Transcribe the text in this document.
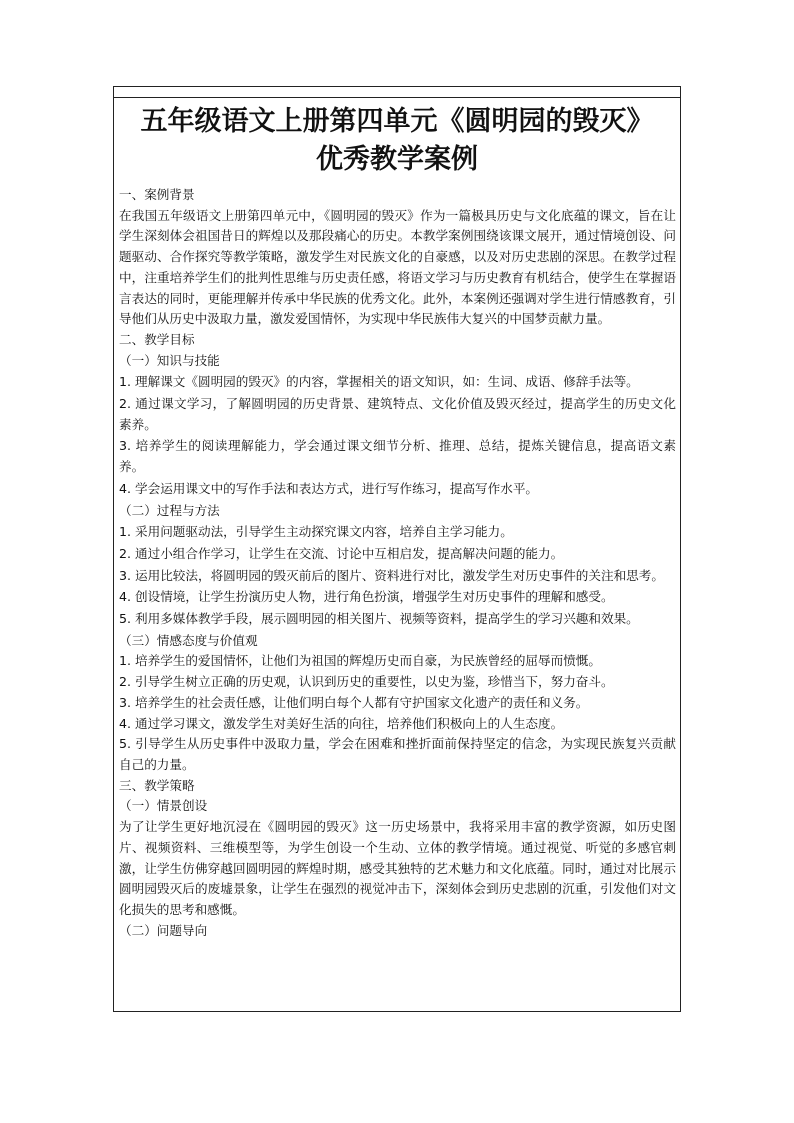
五年级语文上册第四单元《圆明园的毁灭》
优秀教学案例

一、案例背景

在我国五年级语文上册第四单元中，《圆明园的毁灭》作为一篇极具历史与文化底蕴的课文，旨在让学生深刻体会祖国昔日的辉煌以及那段痛心的历史。本教学案例围绕该课文展开，通过情境创设、问题驱动、合作探究等教学策略，激发学生对民族文化的自豪感，以及对历史悲剧的深思。在教学过程中，注重培养学生们的批判性思维与历史责任感，将语文学习与历史教育有机结合，使学生在掌握语言表达的同时，更能理解并传承中华民族的优秀文化。此外，本案例还强调对学生进行情感教育，引导他们从历史中汲取力量，激发爱国情怀，为实现中华民族伟大复兴的中国梦贡献力量。

二、教学目标

（一）知识与技能

1. 理解课文《圆明园的毁灭》的内容，掌握相关的语文知识，如：生词、成语、修辞手法等。

2. 通过课文学习，了解圆明园的历史背景、建筑特点、文化价值及毁灭经过，提高学生的历史文化素养。

3. 培养学生的阅读理解能力，学会通过课文细节分析、推理、总结，提炼关键信息，提高语文素养。

4. 学会运用课文中的写作手法和表达方式，进行写作练习，提高写作水平。

（二）过程与方法

1. 采用问题驱动法，引导学生主动探究课文内容，培养自主学习能力。

2. 通过小组合作学习，让学生在交流、讨论中互相启发，提高解决问题的能力。

3. 运用比较法，将圆明园的毁灭前后的图片、资料进行对比，激发学生对历史事件的关注和思考。

4. 创设情境，让学生扮演历史人物，进行角色扮演，增强学生对历史事件的理解和感受。

5. 利用多媒体教学手段，展示圆明园的相关图片、视频等资料，提高学生的学习兴趣和效果。

（三）情感态度与价值观

1. 培养学生的爱国情怀，让他们为祖国的辉煌历史而自豪，为民族曾经的屈辱而愤慨。

2. 引导学生树立正确的历史观，认识到历史的重要性，以史为鉴，珍惜当下，努力奋斗。

3. 培养学生的社会责任感，让他们明白每个人都有守护国家文化遗产的责任和义务。

4. 通过学习课文，激发学生对美好生活的向往，培养他们积极向上的人生态度。

5. 引导学生从历史事件中汲取力量，学会在困难和挫折面前保持坚定的信念，为实现民族复兴贡献自己的力量。

三、教学策略

（一）情景创设

为了让学生更好地沉浸在《圆明园的毁灭》这一历史场景中，我将采用丰富的教学资源，如历史图片、视频资料、三维模型等，为学生创设一个生动、立体的教学情境。通过视觉、听觉的多感官刺激，让学生仿佛穿越回圆明园的辉煌时期，感受其独特的艺术魅力和文化底蕴。同时，通过对比展示圆明园毁灭后的废墟景象，让学生在强烈的视觉冲击下，深刻体会到历史悲剧的沉重，引发他们对文化损失的思考和感慨。

（二）问题导向
